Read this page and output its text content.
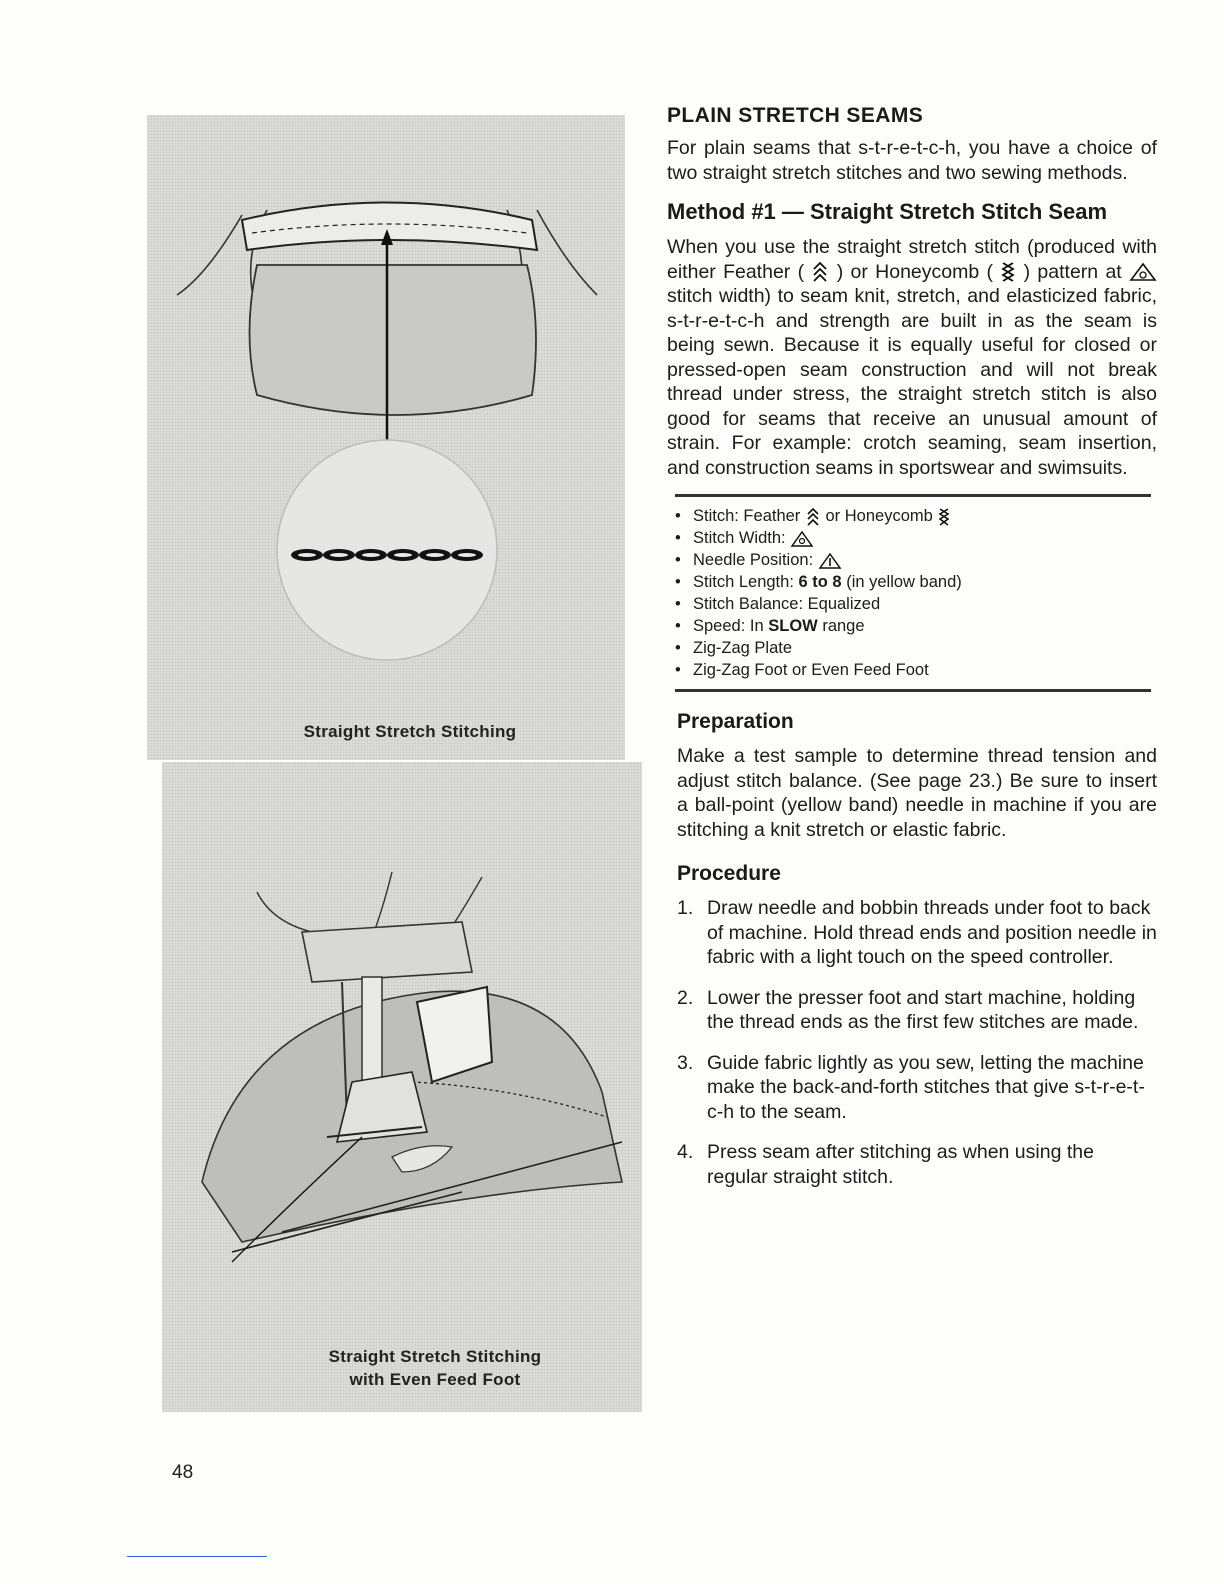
Straight Stretch Stitching
Straight Stretch Stitching
with Even Feed Foot
PLAIN STRETCH SEAMS

For plain seams that s-t-r-e-t-c-h, you have a choice of two straight stretch stitches and two sewing methods.

Method #1 — Straight Stretch Stitch Seam

When you use the straight stretch stitch (produced with either Feather ( ) or Honeycomb ( ) pattern at  stitch width) to seam knit, stretch, and elasticized fabric, s-t-r-e-t-c-h and strength are built in as the seam is being sewn. Because it is equally useful for closed or pressed-open seam construction and will not break thread under stress, the straight stretch stitch is also good for seams that receive an unusual amount of strain. For example: crotch seaming, seam insertion, and construction seams in sportswear and swimsuits.

• Stitch: Feather or Honeycomb
• Stitch Width:
• Needle Position:
• Stitch Length: 6 to 8 (in yellow band)
• Stitch Balance: Equalized
• Speed: In SLOW range
• Zig-Zag Plate
• Zig-Zag Foot or Even Feed Foot
Preparation

Make a test sample to determine thread tension and adjust stitch balance. (See page 23.) Be sure to insert a ball-point (yellow band) needle in machine if you are stitching a knit stretch or elastic fabric.

Procedure
1. Draw needle and bobbin threads under foot to back of machine. Hold thread ends and position needle in fabric with a light touch on the speed controller.
2. Lower the presser foot and start machine, holding the thread ends as the first few stitches are made.
3. Guide fabric lightly as you sew, letting the machine make the back-and-forth stitches that give s-t-r-e-t-c-h to the seam.
4. Press seam after stitching as when using the regular straight stitch.
48
